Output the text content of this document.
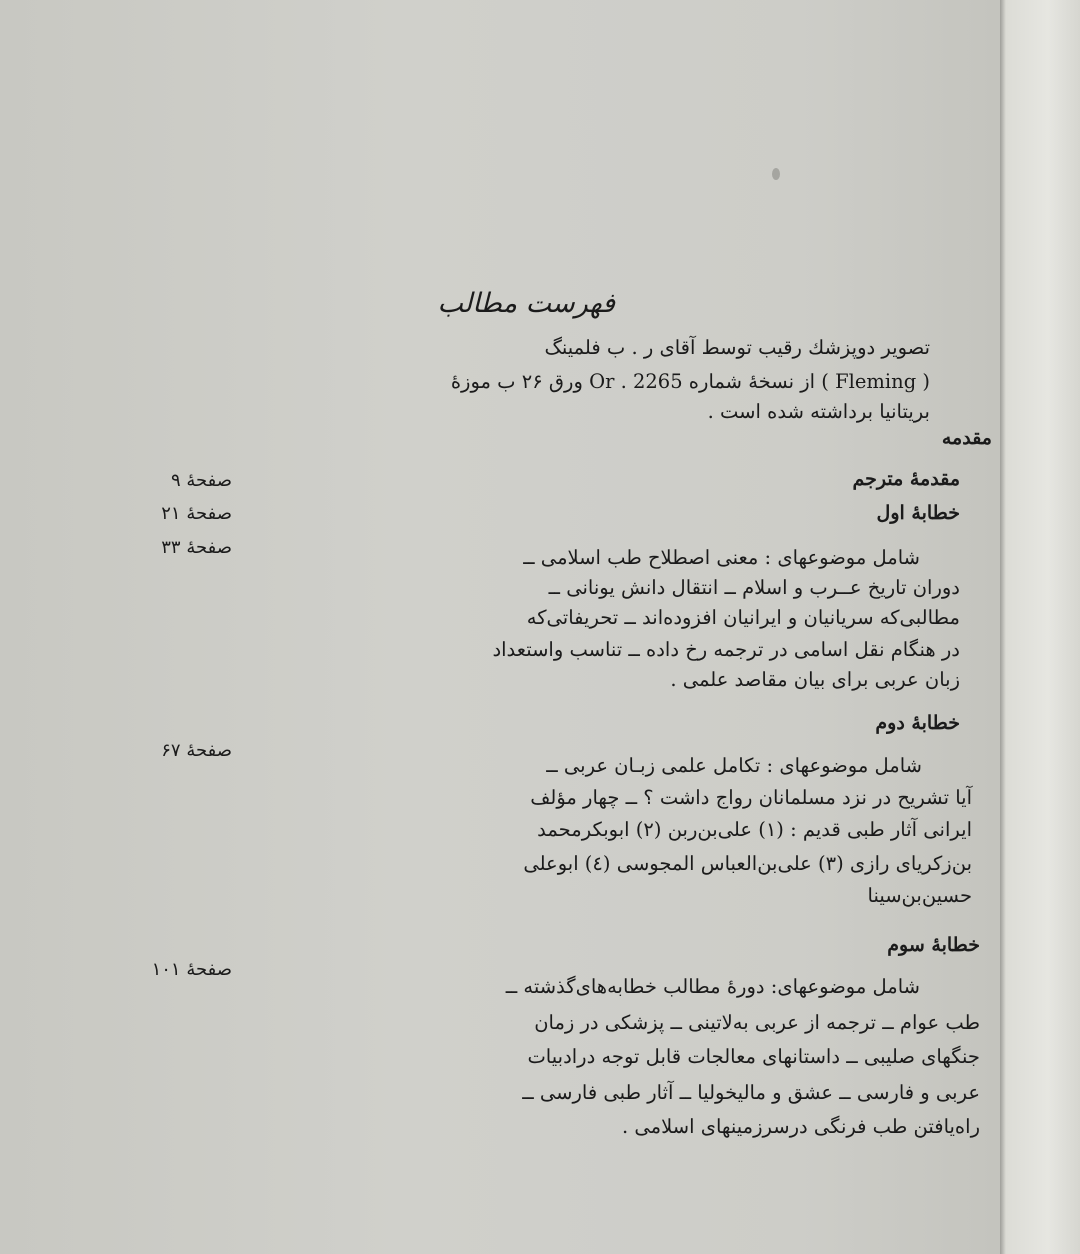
فهرست مطالب
تصویر دوپزشك رقیب توسط آقای ر . ب فلمینگ
( Fleming ) از نسخهٔ شماره Or . 2265 ورق ۲۶ ب موزهٔ
بریتانیا برداشته شده است .
مقدمه
مقدمهٔ مترجم
صفحهٔ ۹
خطابهٔ اول
صفحهٔ ۲۱
صفحهٔ ۳۳	شامل موضوعهای : معنی اصطلاح طب اسلامی ــ
دوران تاریخ عــرب و اسلام ــ انتقال دانش یونانی ــ
مطالبی‌که سریانیان و ایرانیان افزوده‌اند ــ تحریفاتی‌که
در هنگام نقل اسامی در ترجمه رخ داده ــ تناسب واستعداد
زبان عربی برای بیان مقاصد علمی .
خطابهٔ دوم
صفحهٔ ۶۷
شامل موضوعهای : تکامل علمی زبـان عربی ــ
آیا تشریح در نزد مسلمانان رواج داشت ؟ ــ چهار مؤلف
ایرانی آثار طبی قدیم : (۱) علی‌بن‌ربن (۲) ابوبکرمحمد
بن‌زکریای رازی (۳) علی‌بن‌العباس المجوسی (٤) ابوعلی
حسین‌بن‌سینا
خطابهٔ سوم
صفحهٔ ۱۰۱
شامل موضوعهای: دورهٔ مطالب خطابه‌های‌گذشته ــ
طب عوام ــ ترجمه از عربی به‌لاتینی ــ پزشکی در زمان
جنگهای صلیبی ــ داستانهای معالجات قابل توجه درادبیات
عربی و فارسی ــ عشق و مالیخولیا ــ آثار طبی فارسی ــ
راه‌یافتن طب فرنگی درسرزمینهای اسلامی .
